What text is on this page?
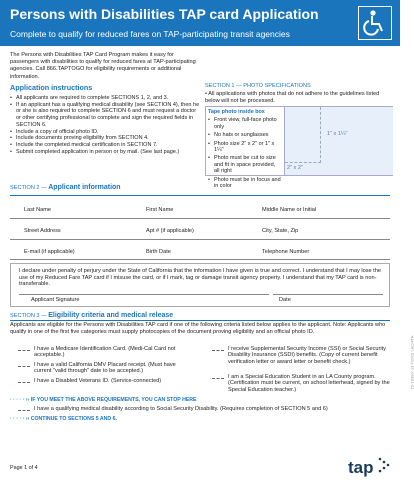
Persons with Disabilities TAP card Application
Complete to qualify for reduced fares on TAP-participating transit agencies
The Persons with Disabilities TAP Card Program makes it easy for passengers with disabilities to qualify for reduced fares at TAP-participating agencies. Call 866.TAPTOGO for eligibility requirements or additional information.
Application instructions
• All applicants are required to complete SECTIONS 1, 2, and 3.
• If an applicant has a qualifying medical disability (see SECTION 4), then he or she is also required to complete SECTION 6 and must request a doctor or other certifying professional to complete and sign the required fields in SECTION 6.
• Include a copy of official photo ID.
• Include documents proving eligibility from SECTION 4.
• Include the completed medical certification in SECTION 7.
• Submit completed application in person or by mail. (See last page.)
SECTION 1 — PHOTO SPECIFICATIONS
• All applications with photos that do not adhere to the guidelines listed below will not be processed.
Tape photo inside box
• Front view, full-face photo only
• No hats or sunglasses
• Photo size 2" x 2" or 1" x 1¼"
• Photo must be cut to size and fit in space provided, all right
• Photo must be in focus and in color
1" x 1¼"
2" x 2"
SECTION 2 — Applicant information
Last Name	First Name	Middle Name or Initial
Street Address	Apt # (if applicable)	City, State, Zip
E-mail (if applicable)	Birth Date	Telephone Number
I declare under penalty of perjury under the State of California that the information I have given is true and correct. I understand that I may lose the use of my Reduced Fare TAP card if I misuse the card, or if I mark, tag or damage transit agency property. I understand that my TAP card is non-transferable.
Applicant Signature	Date
SECTION 3 — Eligibility criteria and medical release
Applicants are eligible for the Persons with Disabilities TAP card if one of the following criteria listed below applies to the applicant. Note: Applicants who qualify in one of the first five categories must supply photocopies of the document proving eligibility and an official photo ID.
I have a Medicare Identification Card. (Medi-Cal Card not acceptable.)
I have a valid California DMV Placard receipt. (Must have current "valid through" date to be accepted.)
I have a Disabled Veterans ID. (Service-connected)
I receive Supplemental Security Income (SSI) or Social Security Disability Insurance (SSDI) benefits. (Copy of current benefit verification letter or award letter or benefit check.)
I am a Special Education Student in an LA County program. (Certification must be current, on school letterhead, signed by the Special Education teacher.)
· · · · · ›› IF YOU MEET THE ABOVE REQUIREMENTS, YOU CAN STOP HERE
I have a qualifying medical disability according to Social Security Disability. (Requires completion of SECTION 5 and 6)
· · · · · ›› CONTINUE TO SECTIONS 5 AND 6.
Page 1 of 4	tap
15-1890cr-13 ©2015 LACMTA
